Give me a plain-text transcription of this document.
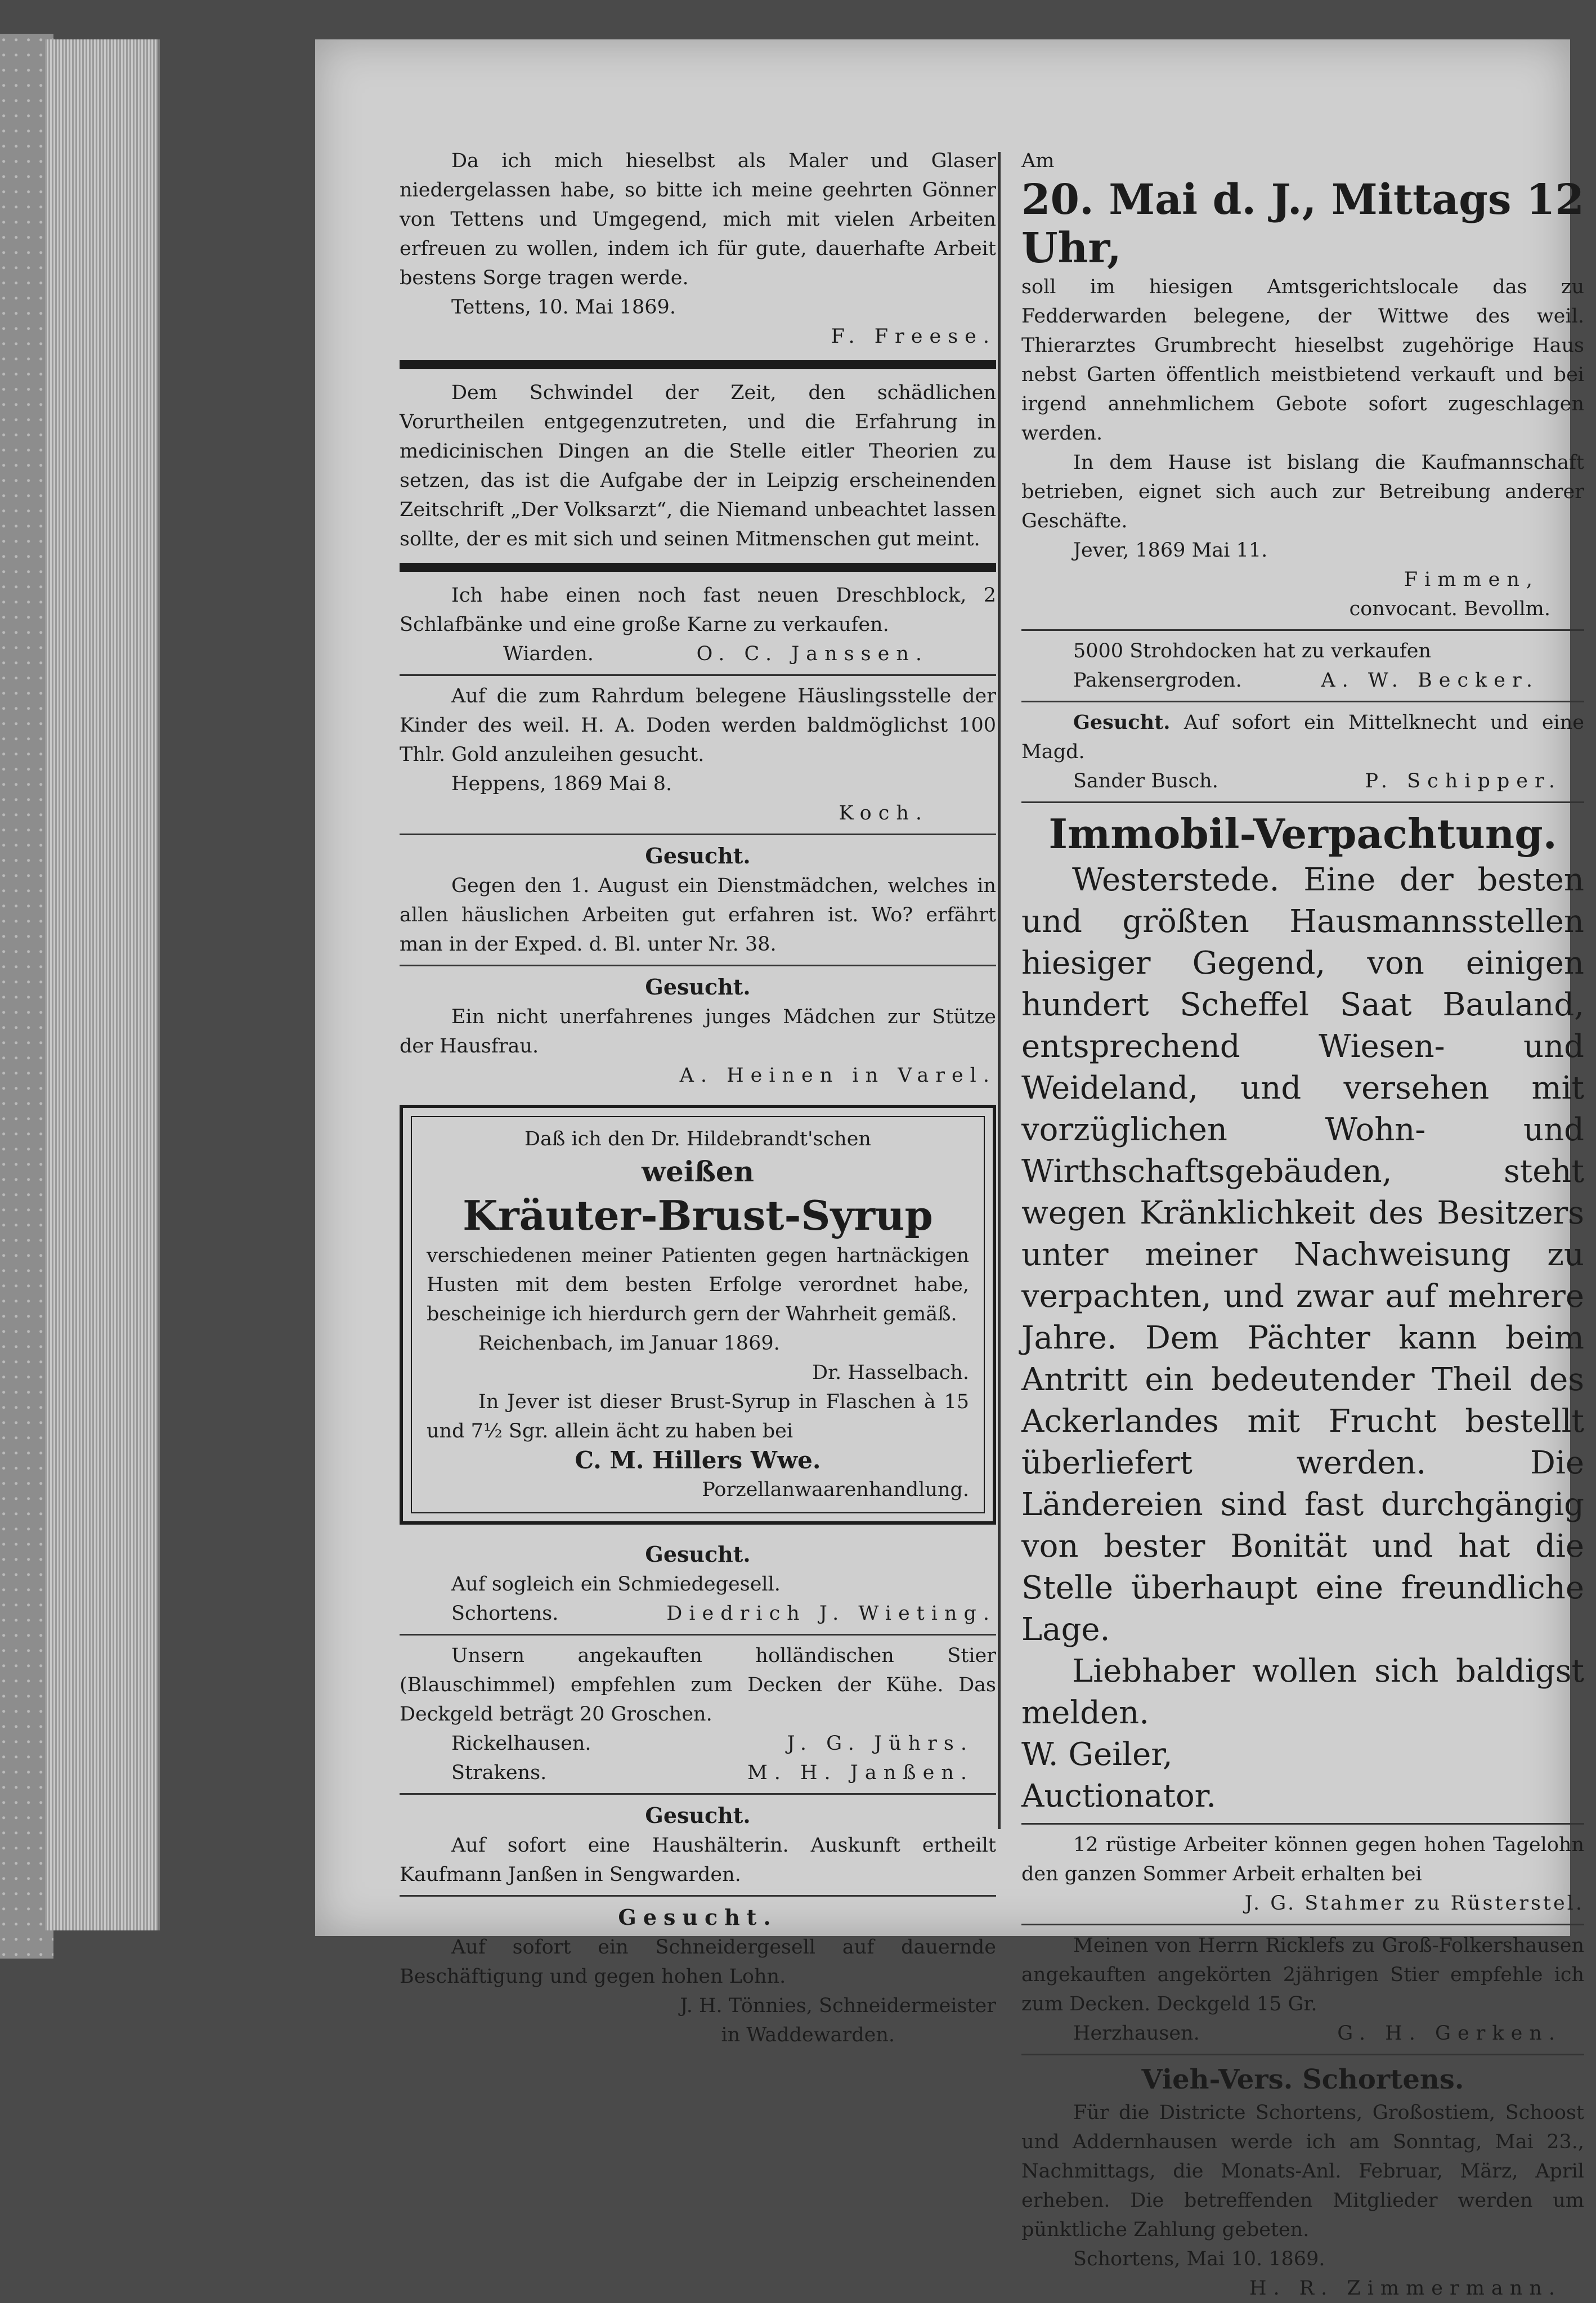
Da ich mich hieselbst als Maler und Glaser niedergelassen habe, so bitte ich meine geehrten Gönner von Tettens und Umgegend, mich mit vielen Arbeiten erfreuen zu wollen, indem ich für gute, dauerhafte Arbeit bestens Sorge tragen werde.

Tettens, 10. Mai 1869.

F. Freese.

Dem Schwindel der Zeit, den schädlichen Vorurtheilen entgegenzutreten, und die Erfahrung in medicinischen Dingen an die Stelle eitler Theorien zu setzen, das ist die Aufgabe der in Leipzig erscheinenden Zeitschrift „Der Volksarzt“, die Niemand unbeachtet lassen sollte, der es mit sich und seinen Mitmenschen gut meint.

Ich habe einen noch fast neuen Dreschblock, 2 Schlafbänke und eine große Karne zu verkaufen.

Wiarden.	O. C. Janssen.

Auf die zum Rahrdum belegene Häuslingsstelle der Kinder des weil. H. A. Doden werden baldmöglichst 100 Thlr. Gold anzuleihen gesucht.

Heppens, 1869 Mai 8.

Koch.

Gesucht.

Gegen den 1. August ein Dienstmädchen, welches in allen häuslichen Arbeiten gut erfahren ist. Wo? erfährt man in der Exped. d. Bl. unter Nr. 38.

Gesucht.

Ein nicht unerfahrenes junges Mädchen zur Stütze der Hausfrau.

A. Heinen in Varel.

Daß ich den Dr. Hildebrandt'schen

weißen

Kräuter-Brust-Syrup

verschiedenen meiner Patienten gegen hartnäckigen Husten mit dem besten Erfolge verordnet habe, bescheinige ich hierdurch gern der Wahrheit gemäß.

Reichenbach, im Januar 1869.

Dr. Hasselbach.

In Jever ist dieser Brust-Syrup in Flaschen à 15 und 7½ Sgr. allein ächt zu haben bei

C. M. Hillers Wwe.

Porzellanwaarenhandlung.

Gesucht.

Auf sogleich ein Schmiedegesell.

Schortens.	Diedrich J. Wieting.

Unsern angekauften holländischen Stier (Blauschimmel) empfehlen zum Decken der Kühe. Das Deckgeld beträgt 20 Groschen.

Rickelhausen.	J. G. Jührs.
Strakens.	M. H. Janßen.

Gesucht.

Auf sofort eine Haushälterin. Auskunft ertheilt Kaufmann Janßen in Sengwarden.

Gesucht.

Auf sofort ein Schneidergesell auf dauernde Beschäftigung und gegen hohen Lohn.

J. H. Tönnies, Schneidermeister

in Waddewarden.

Am

20. Mai d. J., Mittags 12 Uhr,

soll im hiesigen Amtsgerichtslocale das zu Fedderwarden belegene, der Wittwe des weil. Thierarztes Grumbrecht hieselbst zugehörige Haus nebst Garten öffentlich meistbietend verkauft und bei irgend annehmlichem Gebote sofort zugeschlagen werden.

In dem Hause ist bislang die Kaufmannschaft betrieben, eignet sich auch zur Betreibung anderer Geschäfte.

Jever, 1869 Mai 11.

Fimmen,

convocant. Bevollm.

5000 Strohdocken hat zu verkaufen

Pakensergroden.	A. W. Becker.

Gesucht. Auf sofort ein Mittelknecht und eine Magd.

Sander Busch.	P. Schipper.

Immobil-Verpachtung.

Westerstede. Eine der besten und größten Hausmannsstellen hiesiger Gegend, von einigen hundert Scheffel Saat Bauland, entsprechend Wiesen- und Weideland, und versehen mit vorzüglichen Wohn- und Wirthschaftsgebäuden, steht wegen Kränklichkeit des Besitzers unter meiner Nachweisung zu verpachten, und zwar auf mehrere Jahre. Dem Pächter kann beim Antritt ein bedeutender Theil des Ackerlandes mit Frucht bestellt überliefert werden. Die Ländereien sind fast durchgängig von bester Bonität und hat die Stelle überhaupt eine freundliche Lage.

Liebhaber wollen sich baldigst melden.

W. Geiler,

Auctionator.

12 rüstige Arbeiter können gegen hohen Tagelohn den ganzen Sommer Arbeit erhalten bei

J. G. Stahmer zu Rüsterstel.

Meinen von Herrn Ricklefs zu Groß-Folkershausen angekauften angekörten 2jährigen Stier empfehle ich zum Decken. Deckgeld 15 Gr.

Herzhausen.	G. H. Gerken.

Vieh-Vers. Schortens.

Für die Districte Schortens, Großostiem, Schoost und Addernhausen werde ich am Sonntag, Mai 23., Nachmittags, die Monats-Anl. Februar, März, April erheben. Die betreffenden Mitglieder werden um pünktliche Zahlung gebeten.

Schortens, Mai 10. 1869.

H. R. Zimmermann.
